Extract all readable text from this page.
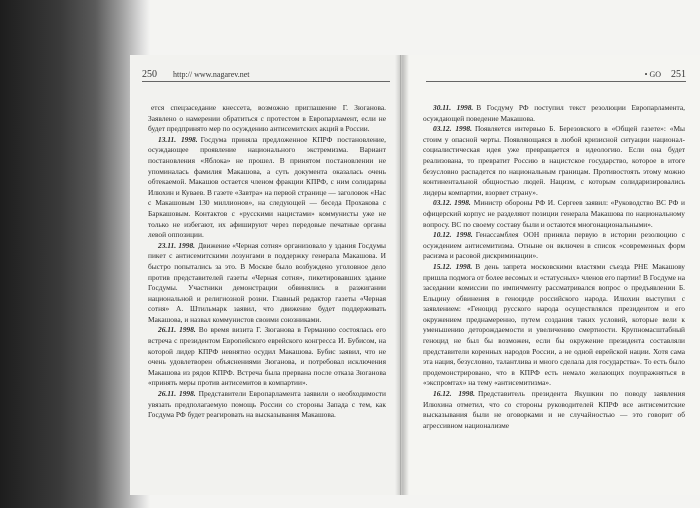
250 http:// www.nagarev.net

ется спецзаседание кнессета, возможно приглашение Г. Зюганова. Заявлено о намерении обратиться с протестом в Европарламент, если не будет предпринято мер по осуждению антисемитских акций в России.

13.11. 1998. Госдума приняла предложенное КПРФ постановление, осуждающее проявление национального экстремизма. Вариант постановления «Яблока» не прошел. В принятом постановлении не упоминалась фамилия Макашова, а суть документа оказалась очень обтекаемой. Макашов остается членом фракции КПРФ, с ним солидарны Илюхин и Куваев. В газете «Завтра» на первой странице — заголовок «Нас с Макашовым 130 миллионов», на следующей — беседа Прохакова с Баркашовым. Контактов с «русскими нацистами» коммунисты уже не только не избегают, их афишируют через передовые печатные органы левой оппозиции.

23.11. 1998. Движение «Черная сотня» организовало у здания Госдумы пикет с антисемитскими лозунгами в поддержку генерала Макашова. И быстро попытались за это. В Москве было возбуждено уголовное дело против представителей газеты «Черная сотня», пикетировавших здание Госдумы. Участники демонстрации обвинялись в разжигании национальной и религиозной розни. Главный редактор газеты «Черная сотня» А. Штильмарк заявил, что движение будет поддерживать Макашова, и назвал коммунистов своими союзниками.

26.11. 1998. Во время визита Г. Зюганова в Германию состоялась его встреча с президентом Европейского еврейского конгресса И. Бубисом, на которой лидер КПРФ невнятно осудил Макашова. Бубис заявил, что не очень удовлетворен объяснениями Зюганова, и потребовал исключения Макашова из рядов КПРФ. Встреча была прервана после отказа Зюганова «принять меры против антисемитов в компартии».

26.11. 1998. Представители Европарламента заявили о необходимости увязать предполагаемую помощь России со стороны Запада с тем, как Госдума РФ будет реагировать на высказывания Макашова.

• GO 251

30.11. 1998. В Госдуму РФ поступил текст резолюции Европарламента, осуждающей поведение Макашова.

03.12. 1998. Появляется интервью Б. Березовского в «Общей газете»: «Мы стоим у опасной черты. Появляющаяся в любой кризисной ситуации национал-социалистическая идея уже превращается в идеологию. Если она будет реализована, то превратит Россию в нацистское государство, которое в итоге безусловно распадется по национальным границам. Противостоять этому можно континентальной общностью людей. Нацизм, с которым солидаризировались лидеры компартии, взорвет страну».

03.12. 1998. Министр обороны РФ И. Сергеев заявил: «Руководство ВС РФ и офицерский корпус не разделяют позиции генерала Макашова по национальному вопросу. ВС по своему составу были и остаются многонациональными».

10.12. 1998. Генассамблея ООН приняла первую в истории резолюцию с осуждением антисемитизма. Отныне он включен в список «современных форм расизма и расовой дискриминации».

15.12. 1998. В день запрета московскими властями съезда РНЕ Макашову пришла подмога от более весомых и «статусных» членов его партии! В Госдуме на заседании комиссии по импичменту рассматривался вопрос о предъявлении Б. Ельцину обвинения в геноциде российского народа. Илюхин выступил с заявлением: «Геноцид русского народа осуществлялся президентом и его окружением преднамеренно, путем создания таких условий, которые вели к уменьшению деторождаемости и увеличению смертности. Крупномасштабный геноцид не был бы возможен, если бы окружение президента составляли представители коренных народов России, а не одной еврейской нации. Хотя сама эта нация, безусловно, талантлива и много сделала для государства». То есть было продемонстрировано, что в КПРФ есть немало желающих поупражняться в «экспромтах» на тему «антисемитизма».

16.12. 1998. Представитель президента Якушкин по поводу заявления Илюхина отметил, что со стороны руководителей КПРФ все антисемитские высказывания были не оговорками и не случайностью — это говорит об агрессивном национализме
